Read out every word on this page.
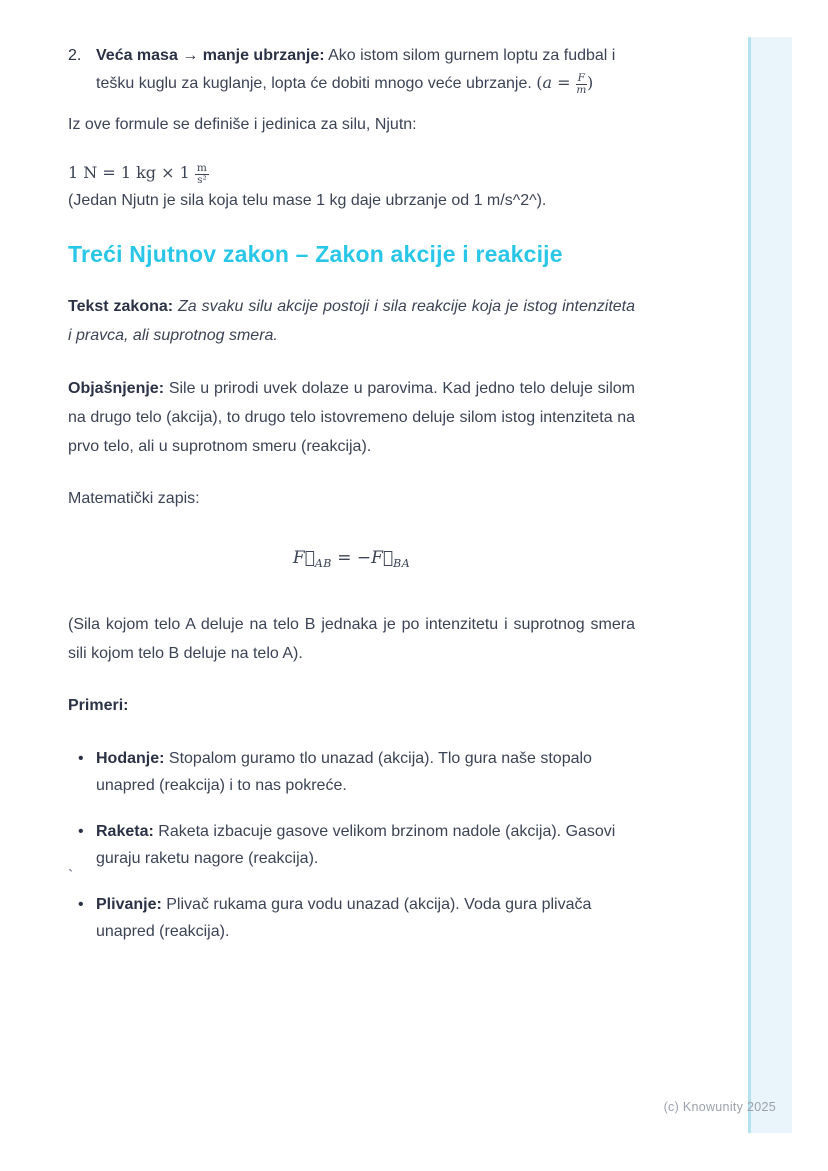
2. Veća masa → manje ubrzanje: Ako istom silom gurnem loptu za fudbal i tešku kuglu za kuglanje, lopta će dobiti mnogo veće ubrzanje. ($a = \frac{F}{m}$ )

Iz ove formule se definiše i jedinica za silu, Njutn:

1 N = 1 kg × $1 \frac{m}{\text{s²}}$

(Jedan Njutn je sila koja telu mase 1 kg daje ubrzanje od 1 m/s^2^).

Treći Njutnov zakon – Zakon akcije i reakcije

Tekst zakona: Za svaku silu akcije postoji i sila reakcije koja je istog intenziteta i pravca, ali suprotnog smera.

Objašnjenje: Sile u prirodi uvek dolaze u parovima. Kad jedno telo deluje silom na drugo telo (akcija), to drugo telo istovremeno deluje silom istog intenziteta na prvo telo, ali u suprotnom smeru (reakcija).

Matematički zapis:

$F⃗_{AB}$ = $-F⃗_{BA}$

(Sila kojom telo A deluje na telo B jednaka je po intenzitetu i suprotnog smera sili kojom telo B deluje na telo A).

Primeri:

• Hodanje: Stopalom guramo tlo unazad (akcija). Tlo gura naše stopalo unapred (reakcija) i to nas pokreće.
• Raketa: Raketa izbacuje gasove velikom brzinom nadole (akcija). Gasovi guraju raketu nagore (reakcija).
• Plivanje: Plivač rukama gura vodu unazad (akcija). Voda gura plivača unapred (reakcija).
`
(c) Knowunity 2025
